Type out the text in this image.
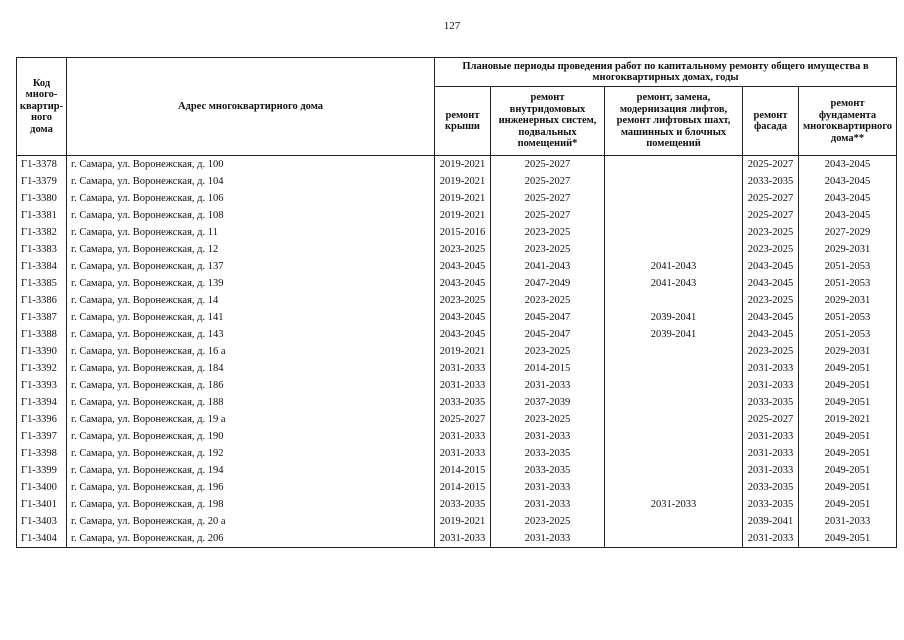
127
Код много-квартир-ного дома	Адрес многоквартирного дома	Плановые периоды проведения работ по капитальному ремонту общего имущества в многоквартирных домах, годы				
		ремонт крыши	ремонт внутридомовых инженерных систем, подвальных помещений*	ремонт, замена, модернизация лифтов, ремонт лифтовых шахт, машинных и блочных помещений	ремонт фасада	ремонт фундамента многоквартирного дома**
Г1-3378	г. Самара, ул. Воронежская, д. 100	2019-2021	2025-2027		2025-2027	2043-2045
Г1-3379	г. Самара, ул. Воронежская, д. 104	2019-2021	2025-2027		2033-2035	2043-2045
Г1-3380	г. Самара, ул. Воронежская, д. 106	2019-2021	2025-2027		2025-2027	2043-2045
Г1-3381	г. Самара, ул. Воронежская, д. 108	2019-2021	2025-2027		2025-2027	2043-2045
Г1-3382	г. Самара, ул. Воронежская, д. 11	2015-2016	2023-2025		2023-2025	2027-2029
Г1-3383	г. Самара, ул. Воронежская, д. 12	2023-2025	2023-2025		2023-2025	2029-2031
Г1-3384	г. Самара, ул. Воронежская, д. 137	2043-2045	2041-2043	2041-2043	2043-2045	2051-2053
Г1-3385	г. Самара, ул. Воронежская, д. 139	2043-2045	2047-2049	2041-2043	2043-2045	2051-2053
Г1-3386	г. Самара, ул. Воронежская, д. 14	2023-2025	2023-2025		2023-2025	2029-2031
Г1-3387	г. Самара, ул. Воронежская, д. 141	2043-2045	2045-2047	2039-2041	2043-2045	2051-2053
Г1-3388	г. Самара, ул. Воронежская, д. 143	2043-2045	2045-2047	2039-2041	2043-2045	2051-2053
Г1-3390	г. Самара, ул. Воронежская, д. 16 а	2019-2021	2023-2025		2023-2025	2029-2031
Г1-3392	г. Самара, ул. Воронежская, д. 184	2031-2033	2014-2015		2031-2033	2049-2051
Г1-3393	г. Самара, ул. Воронежская, д. 186	2031-2033	2031-2033		2031-2033	2049-2051
Г1-3394	г. Самара, ул. Воронежская, д. 188	2033-2035	2037-2039		2033-2035	2049-2051
Г1-3396	г. Самара, ул. Воронежская, д. 19 а	2025-2027	2023-2025		2025-2027	2019-2021
Г1-3397	г. Самара, ул. Воронежская, д. 190	2031-2033	2031-2033		2031-2033	2049-2051
Г1-3398	г. Самара, ул. Воронежская, д. 192	2031-2033	2033-2035		2031-2033	2049-2051
Г1-3399	г. Самара, ул. Воронежская, д. 194	2014-2015	2033-2035		2031-2033	2049-2051
Г1-3400	г. Самара, ул. Воронежская, д. 196	2014-2015	2031-2033		2033-2035	2049-2051
Г1-3401	г. Самара, ул. Воронежская, д. 198	2033-2035	2031-2033	2031-2033	2033-2035	2049-2051
Г1-3403	г. Самара, ул. Воронежская, д. 20 а	2019-2021	2023-2025		2039-2041	2031-2033
Г1-3404	г. Самара, ул. Воронежская, д. 206	2031-2033	2031-2033		2031-2033	2049-2051
